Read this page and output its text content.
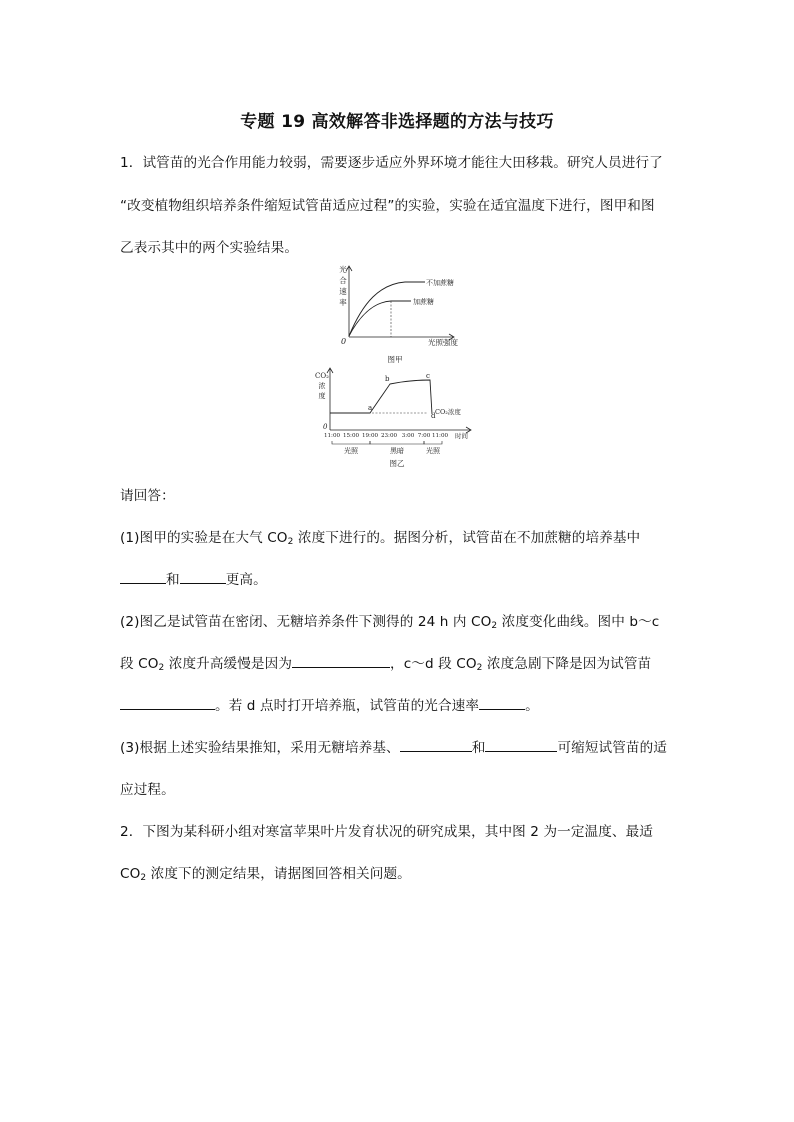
专题 19 高效解答非选择题的方法与技巧
1．试管苗的光合作用能力较弱，需要逐步适应外界环境才能往大田移栽。研究人员进行了
“改变植物组织培养条件缩短试管苗适应过程”的实验，实验在适宜温度下进行，图甲和图
乙表示其中的两个实验结果。
光
合
速
率
不加蔗糖
加蔗糖
0	光照强度
图甲
CO₂
浓
度
a
b	c
d CO₂浓度
0
11:00 15:00 19:00 23:00 3:00 7:00 11:00 时间
光照	黑暗	光照
图乙
请回答：
(1)图甲的实验是在大气 $CO_2$ 浓度下进行的。据图分析，试管苗在不加蔗糖的培养基中
和	更高。
(2)图乙是试管苗在密闭、无糖培养条件下测得的 24 h 内 $CO_2$ 浓度变化曲线。图中 b～c
段 $CO_2$ 浓度升高缓慢是因为	，c～d 段 $CO_2$ 浓度急剧下降是因为试管苗
。若 d 点时打开培养瓶，试管苗的光合速率	。
(3)根据上述实验结果推知，采用无糖培养基、	和	可缩短试管苗的适
应过程。
2．下图为某科研小组对寒富苹果叶片发育状况的研究成果，其中图 2 为一定温度、最适
$CO_2$ 浓度下的测定结果，请据图回答相关问题。
